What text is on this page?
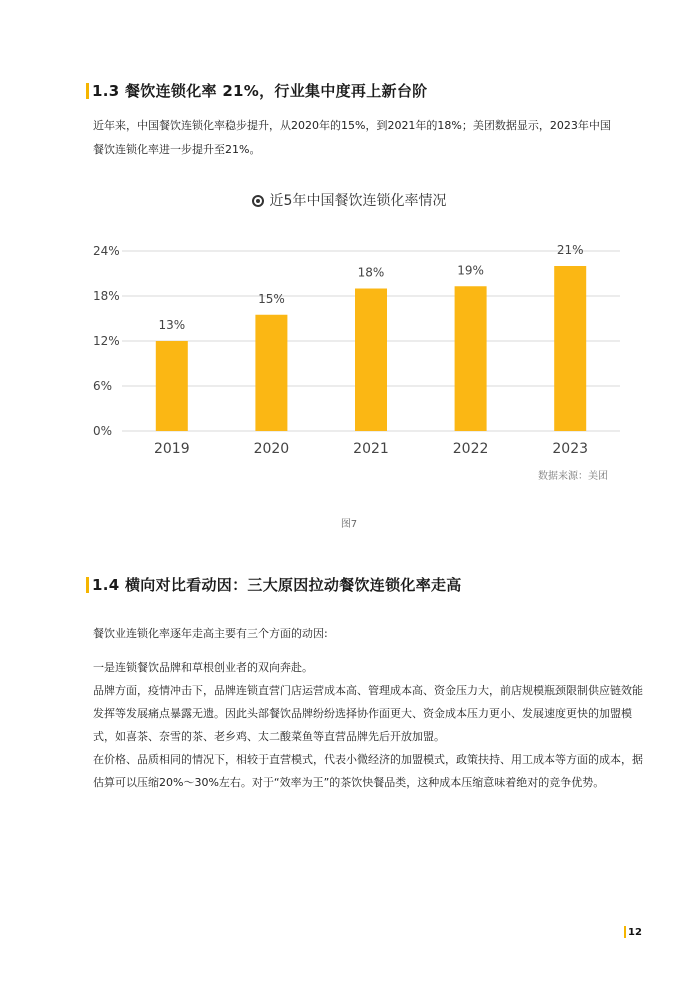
1.3 餐饮连锁化率 21%，行业集中度再上新台阶

近年来，中国餐饮连锁化率稳步提升，从2020年的15%，到2021年的18%；美团数据显示，2023年中国餐饮连锁化率进一步提升至21%。

近5年中国餐饮连锁化率情况
0%
6%
12%
18%
24%
13%
2019
15%
2020
18%
2021
19%
2022
21%
2023
数据来源：美团
图7
1.4 横向对比看动因：三大原因拉动餐饮连锁化率走高

餐饮业连锁化率逐年走高主要有三个方面的动因:

一是连锁餐饮品牌和草根创业者的双向奔赴。

品牌方面，疫情冲击下，品牌连锁直营门店运营成本高、管理成本高、资金压力大，前店规模瓶颈限制供应链效能发挥等发展痛点暴露无遗。因此头部餐饮品牌纷纷选择协作面更大、资金成本压力更小、发展速度更快的加盟模式，如喜茶、奈雪的茶、老乡鸡、太二酸菜鱼等直营品牌先后开放加盟。

在价格、品质相同的情况下，相较于直营模式，代表小微经济的加盟模式，政策扶持、用工成本等方面的成本，据估算可以压缩20%～30%左右。对于“效率为王”的茶饮快餐品类，这种成本压缩意味着绝对的竞争优势。

12
